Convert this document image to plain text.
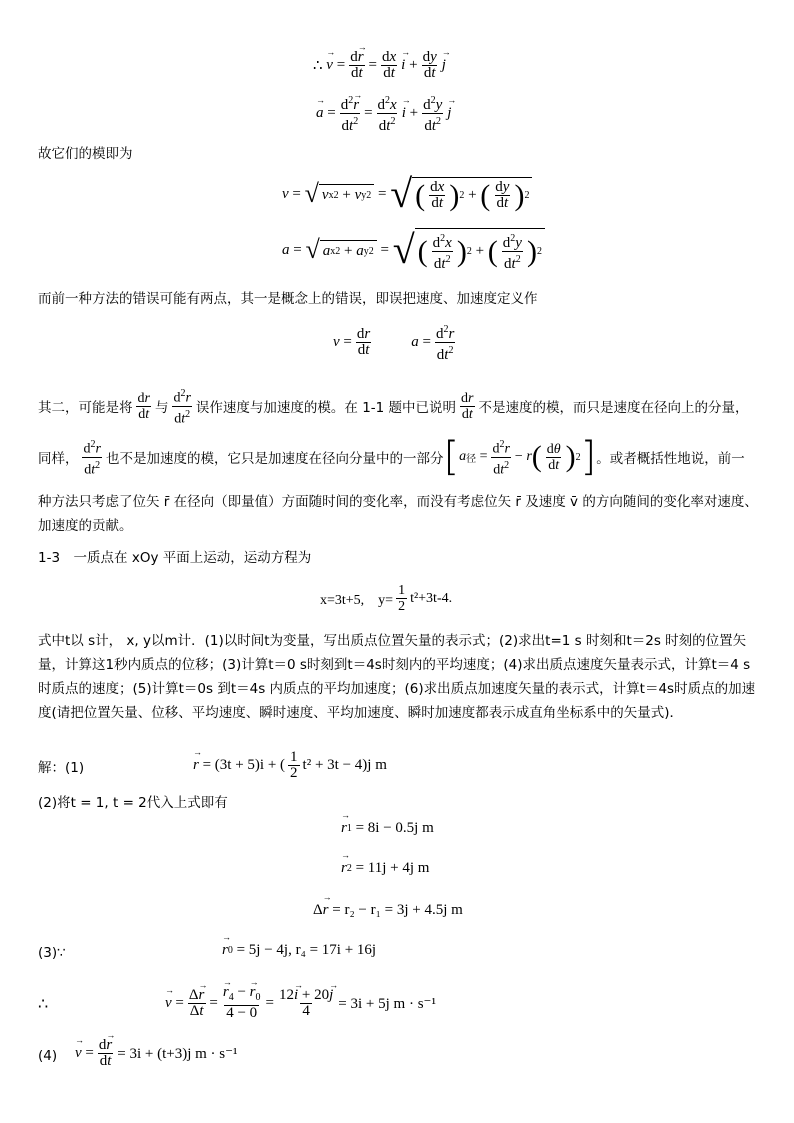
∴
→ $v = \frac{d\to r}{dt} = \frac{dx}{dt}$
→ $i + \frac{dy}{dt}$
→ j
→ $a = \frac{d^2\to r}{dt^2} = \frac{d^2x}{dt^2}$
→ $i + \frac{d^2y}{dt^2}$
→ j
故它们的模即为
v = √ v x 2 + v y 2 = √ ( $\frac{dx}{dt}$ ) 2 + ( $\frac{dy}{dt}$ ) 2
a = √ a x 2 + a y 2 = √ ( $\frac{d^2x}{dt^2}$ ) 2 + ( $\frac{d^2y}{dt^2}$ ) 2
而前一种方法的错误可能有两点，其一是概念上的错误，即误把速度、加速度定义作
$v = \frac{dr}{dt}$	$a = \frac{d^2r}{dt^2}$
其二，可能是将 $\frac{dr}{dt}$ 与 $\frac{d^2r}{dt^2}$ 误作速度与加速度的模。在 1-1 题中已说明 $\frac{dr}{dt}$ 不是速度的模，而只是速度在径向上的分量，
同样， $\frac{d^2r}{dt^2}$ 也不是加速度的模，它只是加速度在径向分量中的一部分 [ a 径 = $\frac{d^2r}{dt^2} - r$ ( $\frac{d\theta}{dt}$ ) 2 ] 。或者概括性地说，前一
种方法只考虑了位矢 r̄ 在径向（即量值）方面随时间的变化率，而没有考虑位矢 r̄ 及速度 v̄ 的方向随间的变化率对速度、加速度的贡献。
1-3　一质点在 xOy 平面上运动，运动方程为
x=3t+5,　$y= \frac{1}{2} t^2+3t-4$.
式中t以 s计， x, y以m计．(1)以时间t为变量，写出质点位置矢量的表示式；(2)求出t=1 s 时刻和t＝2s 时刻的位置矢量，计算这1秒内质点的位移；(3)计算t＝0 s时刻到t＝4s时刻内的平均速度；(4)求出质点速度矢量表示式，计算t＝4 s 时质点的速度；(5)计算t＝0s 到t＝4s 内质点的平均加速度；(6)求出质点加速度矢量的表示式，计算t＝4s时质点的加速度(请把位置矢量、位移、平均速度、瞬时速度、平均加速度、瞬时加速度都表示成直角坐标系中的矢量式)．
解：(1)
→	r
= (3t + 5)i + ( $\frac{1}{2} t^2 + 3t - 4)j$ m
(2)将t = 1, t = 2代入上式即有
→ r 1
= 8i − 0.5j m
→ r 2
= 11j + 4j m
Δ
→ r
= r₂ − r₁ = 3j + 4.5j m
(3)∵
→	r 0
= 5j − 4j, r₄ = 17i + 16j
∴
→	$v = \frac{\Delta\to r}{\Delta t}$ =
→ $\frac{r_4 - \to r_0}{4 - 0} = \frac{12\to i + 20\to j}{4} = 3i + 5j$ m · s⁻¹
(4)
→ $v = \frac{d\to r}{dt} = 3i + (t+3)j$ m · s⁻¹
